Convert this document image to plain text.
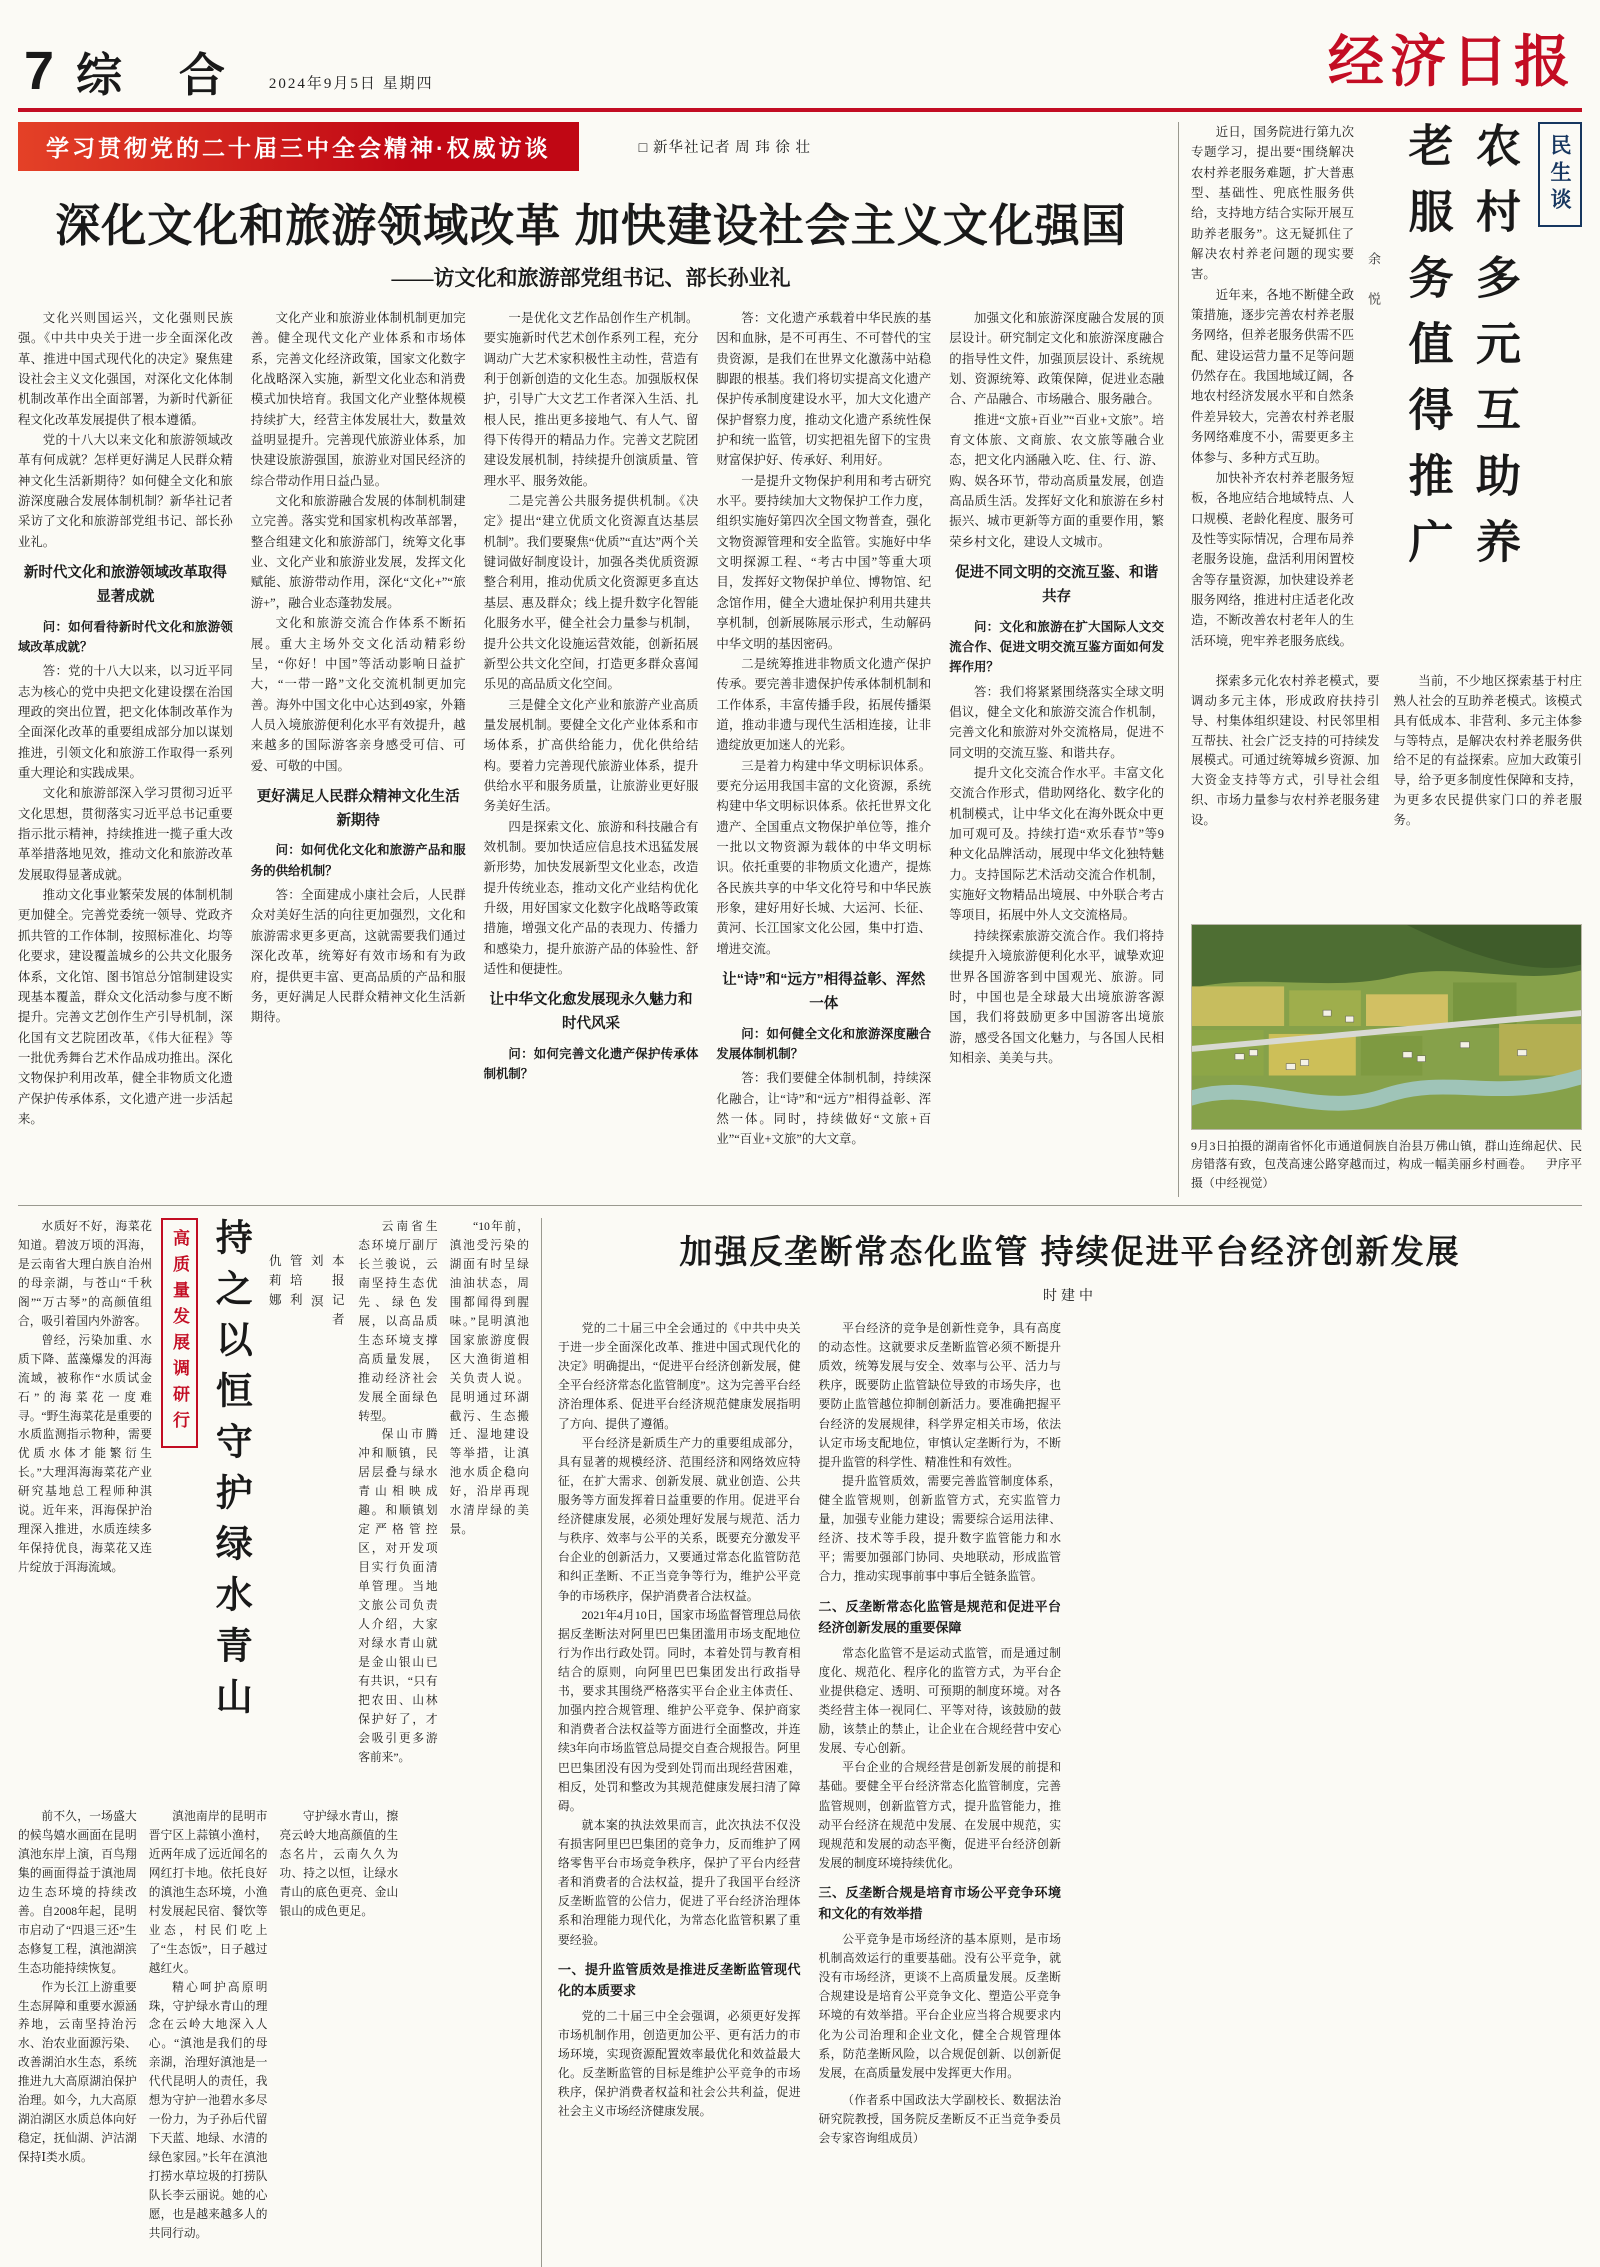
7 综 合 2024年9月5日 星期四	经济日报
学习贯彻党的二十届三中全会精神·权威访谈	□ 新华社记者 周 玮 徐 壮
深化文化和旅游领域改革 加快建设社会主义文化强国
——访文化和旅游部党组书记、部长孙业礼

文化兴则国运兴，文化强则民族强。《中共中央关于进一步全面深化改革、推进中国式现代化的决定》聚焦建设社会主义文化强国，对深化文化体制机制改革作出全面部署，为新时代新征程文化改革发展提供了根本遵循。

党的十八大以来文化和旅游领域改革有何成就？怎样更好满足人民群众精神文化生活新期待？如何健全文化和旅游深度融合发展体制机制？新华社记者采访了文化和旅游部党组书记、部长孙业礼。

新时代文化和旅游领域改革取得显著成就

问：如何看待新时代文化和旅游领域改革成就？

答：党的十八大以来，以习近平同志为核心的党中央把文化建设摆在治国理政的突出位置，把文化体制改革作为全面深化改革的重要组成部分加以谋划推进，引领文化和旅游工作取得一系列重大理论和实践成果。

文化和旅游部深入学习贯彻习近平文化思想，贯彻落实习近平总书记重要指示批示精神，持续推进一揽子重大改革举措落地见效，推动文化和旅游改革发展取得显著成就。

推动文化事业繁荣发展的体制机制更加健全。完善党委统一领导、党政齐抓共管的工作体制，按照标准化、均等化要求，建设覆盖城乡的公共文化服务体系，文化馆、图书馆总分馆制建设实现基本覆盖，群众文化活动参与度不断提升。完善文艺创作生产引导机制，深化国有文艺院团改革，《伟大征程》等一批优秀舞台艺术作品成功推出。深化文物保护利用改革，健全非物质文化遗产保护传承体系，文化遗产进一步活起来。

文化产业和旅游业体制机制更加完善。健全现代文化产业体系和市场体系，完善文化经济政策，国家文化数字化战略深入实施，新型文化业态和消费模式加快培育。我国文化产业整体规模持续扩大，经营主体发展壮大，数量效益明显提升。完善现代旅游业体系，加快建设旅游强国，旅游业对国民经济的综合带动作用日益凸显。

文化和旅游融合发展的体制机制建立完善。落实党和国家机构改革部署，整合组建文化和旅游部门，统筹文化事业、文化产业和旅游业发展，发挥文化赋能、旅游带动作用，深化“文化+”“旅游+”，融合业态蓬勃发展。

文化和旅游交流合作体系不断拓展。重大主场外交文化活动精彩纷呈，“你好！中国”等活动影响日益扩大，“一带一路”文化交流机制更加完善。海外中国文化中心达到49家，外籍人员入境旅游便利化水平有效提升，越来越多的国际游客亲身感受可信、可爱、可敬的中国。

更好满足人民群众精神文化生活新期待

问：如何优化文化和旅游产品和服务的供给机制？

答：全面建成小康社会后，人民群众对美好生活的向往更加强烈，文化和旅游需求更多更高，这就需要我们通过深化改革，统筹好有效市场和有为政府，提供更丰富、更高品质的产品和服务，更好满足人民群众精神文化生活新期待。

一是优化文艺作品创作生产机制。要实施新时代艺术创作系列工程，充分调动广大艺术家积极性主动性，营造有利于创新创造的文化生态。加强版权保护，引导广大文艺工作者深入生活、扎根人民，推出更多接地气、有人气、留得下传得开的精品力作。完善文艺院团建设发展机制，持续提升创演质量、管理水平、服务效能。

二是完善公共服务提供机制。《决定》提出“建立优质文化资源直达基层机制”。我们要聚焦“优质”“直达”两个关键词做好制度设计，加强各类优质资源整合利用，推动优质文化资源更多直达基层、惠及群众；线上提升数字化智能化服务水平，健全社会力量参与机制，提升公共文化设施运营效能，创新拓展新型公共文化空间，打造更多群众喜闻乐见的高品质文化空间。

三是健全文化产业和旅游产业高质量发展机制。要健全文化产业体系和市场体系，扩高供给能力，优化供给结构。要着力完善现代旅游业体系，提升供给水平和服务质量，让旅游业更好服务美好生活。

四是探索文化、旅游和科技融合有效机制。要加快适应信息技术迅猛发展新形势，加快发展新型文化业态，改造提升传统业态，推动文化产业结构优化升级，用好国家文化数字化战略等政策措施，增强文化产品的表现力、传播力和感染力，提升旅游产品的体验性、舒适性和便捷性。

让中华文化愈发展现永久魅力和时代风采

问：如何完善文化遗产保护传承体制机制？

答：文化遗产承载着中华民族的基因和血脉，是不可再生、不可替代的宝贵资源，是我们在世界文化激荡中站稳脚跟的根基。我们将切实提高文化遗产保护传承制度建设水平，加大文化遗产保护督察力度，推动文化遗产系统性保护和统一监管，切实把祖先留下的宝贵财富保护好、传承好、利用好。

一是提升文物保护利用和考古研究水平。要持续加大文物保护工作力度，组织实施好第四次全国文物普查，强化文物资源管理和安全监管。实施好中华文明探源工程、“考古中国”等重大项目，发挥好文物保护单位、博物馆、纪念馆作用，健全大遗址保护利用共建共享机制，创新展陈展示形式，生动解码中华文明的基因密码。

二是统筹推进非物质文化遗产保护传承。要完善非遗保护传承体制机制和工作体系，丰富传播手段，拓展传播渠道，推动非遗与现代生活相连接，让非遗绽放更加迷人的光彩。

三是着力构建中华文明标识体系。要充分运用我国丰富的文化资源，系统构建中华文明标识体系。依托世界文化遗产、全国重点文物保护单位等，推介一批以文物资源为载体的中华文明标识。依托重要的非物质文化遗产，提炼各民族共享的中华文化符号和中华民族形象，建好用好长城、大运河、长征、黄河、长江国家文化公园，集中打造、增进交流。

让“诗”和“远方”相得益彰、浑然一体

问：如何健全文化和旅游深度融合发展体制机制？

答：我们要健全体制机制，持续深化融合，让“诗”和“远方”相得益彰、浑然一体。同时，持续做好“文旅+百业”“百业+文旅”的大文章。

加强文化和旅游深度融合发展的顶层设计。研究制定文化和旅游深度融合的指导性文件，加强顶层设计、系统规划、资源统筹、政策保障，促进业态融合、产品融合、市场融合、服务融合。

推进“文旅+百业”“百业+文旅”。培育文体旅、文商旅、农文旅等融合业态，把文化内涵融入吃、住、行、游、购、娱各环节，带动高质量发展，创造高品质生活。发挥好文化和旅游在乡村振兴、城市更新等方面的重要作用，繁荣乡村文化，建设人文城市。

促进不同文明的交流互鉴、和谐共存

问：文化和旅游在扩大国际人文交流合作、促进文明交流互鉴方面如何发挥作用？

答：我们将紧紧围绕落实全球文明倡议，健全文化和旅游交流合作机制，完善文化和旅游对外交流格局，促进不同文明的交流互鉴、和谐共存。

提升文化交流合作水平。丰富文化交流合作形式，借助网络化、数字化的机制模式，让中华文化在海外既众中更加可观可及。持续打造“欢乐春节”等9种文化品牌活动，展现中华文化独特魅力。支持国际艺术活动交流合作机制，实施好文物精品出境展、中外联合考古等项目，拓展中外人文交流格局。

持续探索旅游交流合作。我们将持续提升入境旅游便利化水平，诚挚欢迎世界各国游客到中国观光、旅游。同时，中国也是全球最大出境旅游客源国，我们将鼓励更多中国游客出境旅游，感受各国文化魅力，与各国人民相知相亲、美美与共。

近日，国务院进行第九次专题学习，提出要“围绕解决农村养老服务难题，扩大普惠型、基础性、兜底性服务供给，支持地方结合实际开展互助养老服务”。这无疑抓住了解决农村养老问题的现实要害。

近年来，各地不断健全政策措施，逐步完善农村养老服务网络，但养老服务供需不匹配、建设运营力量不足等问题仍然存在。我国地域辽阔，各地农村经济发展水平和自然条件差异较大，完善农村养老服务网络难度不小，需要更多主体参与、多种方式互助。

加快补齐农村养老服务短板，各地应结合地域特点、人口规模、老龄化程度、服务可及性等实际情况，合理布局养老服务设施，盘活利用闲置校舍等存量资源，加快建设养老服务网络，推进村庄适老化改造，不断改善农村老年人的生活环境，兜牢养老服务底线。

余 悦	农村多元互助养老服务值得推广	民生谈

探索多元化农村养老模式，要调动多元主体，形成政府扶持引导、村集体组织建设、村民邻里相互帮扶、社会广泛支持的可持续发展模式。可通过统筹城乡资源、加大资金支持等方式，引导社会组织、市场力量参与农村养老服务建设。

当前，不少地区探索基于村庄熟人社会的互助养老模式。该模式具有低成本、非营利、多元主体参与等特点，是解决农村养老服务供给不足的有益探索。应加大政策引导，给予更多制度性保障和支持，为更多农民提供家门口的养老服务。

9月3日拍摄的湖南省怀化市通道侗族自治县万佛山镇，群山连绵起伏、民房错落有致，包茂高速公路穿越而过，构成一幅美丽乡村画卷。 尹序平摄（中经视觉）

水质好不好，海菜花知道。碧波万顷的洱海，是云南省大理白族自治州的母亲湖，与苍山“千秋阁”“万古琴”的高颜值组合，吸引着国内外游客。

曾经，污染加重、水质下降、蓝藻爆发的洱海流域，被称作“水质试金石”的海菜花一度难寻。“野生海菜花是重要的水质监测指示物种，需要优质水体才能繁衍生长。”大理洱海海菜花产业研究基地总工程师种淇说。近年来，洱海保护治理深入推进，水质连续多年保持优良，海菜花又连片绽放于洱海流域。

高质量发展调研行 持之以恒守护绿水青山	本报记者

刘 溟

管培利

仇莉娜

云南省生态环境厅副厅长兰骏说，云南坚持生态优先、绿色发展，以高品质生态环境支撑高质量发展，推动经济社会发展全面绿色转型。

保山市腾冲和顺镇，民居层叠与绿水青山相映成趣。和顺镇划定严格管控区，对开发项目实行负面清单管理。当地文旅公司负责人介绍，大家对绿水青山就是金山银山已有共识，“只有把农田、山林保护好了，才会吸引更多游客前来”。

“10年前，滇池受污染的湖面有时呈绿油油状态，周围都闻得到腥味。”昆明滇池国家旅游度假区大渔街道相关负责人说。昆明通过环湖截污、生态搬迁、湿地建设等举措，让滇池水质企稳向好，沿岸再现水清岸绿的美景。

前不久，一场盛大的候鸟嬉水画面在昆明滇池东岸上演，百鸟翔集的画面得益于滇池周边生态环境的持续改善。自2008年起，昆明市启动了“四退三还”生态修复工程，滇池湖滨生态功能持续恢复。

作为长江上游重要生态屏障和重要水源涵养地，云南坚持治污水、治农业面源污染、改善湖泊水生态，系统推进九大高原湖泊保护治理。如今，九大高原湖泊湖区水质总体向好稳定，抚仙湖、泸沽湖保持Ⅰ类水质。

滇池南岸的昆明市晋宁区上蒜镇小渔村，近两年成了远近闻名的网红打卡地。依托良好的滇池生态环境，小渔村发展起民宿、餐饮等业态，村民们吃上了“生态饭”，日子越过越红火。

精心呵护高原明珠，守护绿水青山的理念在云岭大地深入人心。“滇池是我们的母亲湖，治理好滇池是一代代昆明人的责任，我想为守护一池碧水多尽一份力，为子孙后代留下天蓝、地绿、水清的绿色家园。”长年在滇池打捞水草垃圾的打捞队队长李云丽说。她的心愿，也是越来越多人的共同行动。

守护绿水青山，擦亮云岭大地高颜值的生态名片，云南久久为功、持之以恒，让绿水青山的底色更亮、金山银山的成色更足。

加强反垄断常态化监管 持续促进平台经济创新发展
时建中

党的二十届三中全会通过的《中共中央关于进一步全面深化改革、推进中国式现代化的决定》明确提出，“促进平台经济创新发展，健全平台经济常态化监管制度”。这为完善平台经济治理体系、促进平台经济规范健康发展指明了方向、提供了遵循。

平台经济是新质生产力的重要组成部分，具有显著的规模经济、范围经济和网络效应特征，在扩大需求、创新发展、就业创造、公共服务等方面发挥着日益重要的作用。促进平台经济健康发展，必须处理好发展与规范、活力与秩序、效率与公平的关系，既要充分激发平台企业的创新活力，又要通过常态化监管防范和纠正垄断、不正当竞争等行为，维护公平竞争的市场秩序，保护消费者合法权益。

2021年4月10日，国家市场监督管理总局依据反垄断法对阿里巴巴集团滥用市场支配地位行为作出行政处罚。同时，本着处罚与教育相结合的原则，向阿里巴巴集团发出行政指导书，要求其围绕严格落实平台企业主体责任、加强内控合规管理、维护公平竞争、保护商家和消费者合法权益等方面进行全面整改，并连续3年向市场监管总局提交自查合规报告。阿里巴巴集团没有因为受到处罚而出现经营困难，相反，处罚和整改为其规范健康发展扫清了障碍。

就本案的执法效果而言，此次执法不仅没有损害阿里巴巴集团的竞争力，反而维护了网络零售平台市场竞争秩序，保护了平台内经营者和消费者的合法权益，提升了我国平台经济反垄断监管的公信力，促进了平台经济治理体系和治理能力现代化，为常态化监管积累了重要经验。

一、提升监管质效是推进反垄断监管现代化的本质要求

党的二十届三中全会强调，必须更好发挥市场机制作用，创造更加公平、更有活力的市场环境，实现资源配置效率最优化和效益最大化。反垄断监管的目标是维护公平竞争的市场秩序，保护消费者权益和社会公共利益，促进社会主义市场经济健康发展。

平台经济的竞争是创新性竞争，具有高度的动态性。这就要求反垄断监管必须不断提升质效，统筹发展与安全、效率与公平、活力与秩序，既要防止监管缺位导致的市场失序，也要防止监管越位抑制创新活力。要准确把握平台经济的发展规律，科学界定相关市场，依法认定市场支配地位，审慎认定垄断行为，不断提升监管的科学性、精准性和有效性。

提升监管质效，需要完善监管制度体系，健全监管规则，创新监管方式，充实监管力量，加强专业能力建设；需要综合运用法律、经济、技术等手段，提升数字监管能力和水平；需要加强部门协同、央地联动，形成监管合力，推动实现事前事中事后全链条监管。

二、反垄断常态化监管是规范和促进平台经济创新发展的重要保障

常态化监管不是运动式监管，而是通过制度化、规范化、程序化的监管方式，为平台企业提供稳定、透明、可预期的制度环境。对各类经营主体一视同仁、平等对待，该鼓励的鼓励，该禁止的禁止，让企业在合规经营中安心发展、专心创新。

平台企业的合规经营是创新发展的前提和基础。要健全平台经济常态化监管制度，完善监管规则，创新监管方式，提升监管能力，推动平台经济在规范中发展、在发展中规范，实现规范和发展的动态平衡，促进平台经济创新发展的制度环境持续优化。

三、反垄断合规是培育市场公平竞争环境和文化的有效举措

公平竞争是市场经济的基本原则，是市场机制高效运行的重要基础。没有公平竞争，就没有市场经济，更谈不上高质量发展。反垄断合规建设是培育公平竞争文化、塑造公平竞争环境的有效举措。平台企业应当将合规要求内化为公司治理和企业文化，健全合规管理体系，防范垄断风险，以合规促创新、以创新促发展，在高质量发展中发挥更大作用。

（作者系中国政法大学副校长、数据法治研究院教授，国务院反垄断反不正当竞争委员会专家咨询组成员）
